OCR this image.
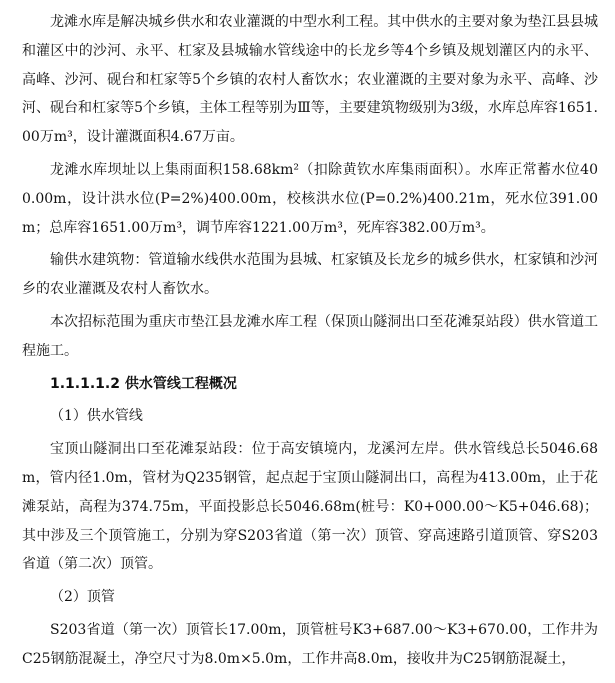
龙滩水库是解决城乡供水和农业灌溉的中型水利工程。其中供水的主要对象为垫江县县城和灌区中的沙河、永平、杠家及县城输水管线途中的长龙乡等4个乡镇及规划灌区内的永平、高峰、沙河、砚台和杠家等5个乡镇的农村人畜饮水；农业灌溉的主要对象为永平、高峰、沙河、砚台和杠家等5个乡镇，主体工程等别为Ⅲ等，主要建筑物级别为3级，水库总库容1651.00万m³，设计灌溉面积4.67万亩。

龙滩水库坝址以上集雨面积158.68km²（扣除黄钦水库集雨面积）。水库正常蓄水位400.00m，设计洪水位(P=2%)400.00m，校核洪水位(P=0.2%)400.21m，死水位391.00m；总库容1651.00万m³，调节库容1221.00万m³，死库容382.00万m³。

输供水建筑物：管道输水线供水范围为县城、杠家镇及长龙乡的城乡供水，杠家镇和沙河乡的农业灌溉及农村人畜饮水。

本次招标范围为重庆市垫江县龙滩水库工程（保顶山隧洞出口至花滩泵站段）供水管道工程施工。

1.1.1.1.2 供水管线工程概况

（1）供水管线

宝顶山隧洞出口至花滩泵站段：位于高安镇境内，龙溪河左岸。供水管线总长5046.68m，管内径1.0m，管材为Q235钢管，起点起于宝顶山隧洞出口，高程为413.00m，止于花滩泵站，高程为374.75m，平面投影总长5046.68m(桩号：K0+000.00～K5+046.68)；其中涉及三个顶管施工，分别为穿S203省道（第一次）顶管、穿高速路引道顶管、穿S203省道（第二次）顶管。

（2）顶管

S203省道（第一次）顶管长17.00m，顶管桩号K3+687.00～K3+670.00，工作井为C25钢筋混凝土，净空尺寸为8.0m×5.0m，工作井高8.0m，接收井为C25钢筋混凝土，
